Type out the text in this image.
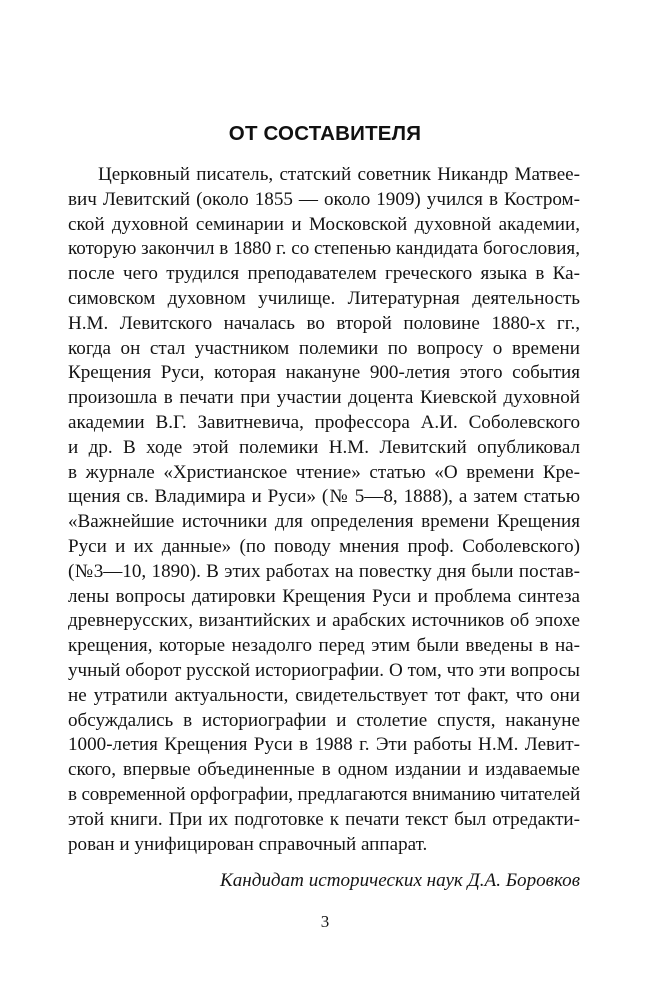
ОТ СОСТАВИТЕЛЯ
Церковный писатель, статский советник Никандр Матвее-
вич Левитский (около 1855 — около 1909) учился в Костром-
ской духовной семинарии и Московской духовной академии,
которую закончил в 1880 г. со степенью кандидата богословия,
после чего трудился преподавателем греческого языка в Ка-
симовском духовном училище. Литературная деятельность
Н.М. Левитского началась во второй половине 1880-х гг.,
когда он стал участником полемики по вопросу о времени
Крещения Руси, которая накануне 900-летия этого события
произошла в печати при участии доцента Киевской духовной
академии В.Г. Завитневича, профессора А.И. Соболевского
и др. В ходе этой полемики Н.М. Левитский опубликовал
в журнале «Христианское чтение» статью «О времени Кре-
щения св. Владимира и Руси» (№ 5—8, 1888), а затем статью
«Важнейшие источники для определения времени Крещения
Руси и их данные» (по поводу мнения проф. Соболевского)
(№3—10, 1890). В этих работах на повестку дня были постав-
лены вопросы датировки Крещения Руси и проблема синтеза
древнерусских, византийских и арабских источников об эпохе
крещения, которые незадолго перед этим были введены в на-
учный оборот русской историографии. О том, что эти вопросы
не утратили актуальности, свидетельствует тот факт, что они
обсуждались в историографии и столетие спустя, накануне
1000-летия Крещения Руси в 1988 г. Эти работы Н.М. Левит-
ского, впервые объединенные в одном издании и издаваемые
в современной орфографии, предлагаются вниманию читателей
этой книги. При их подготовке к печати текст был отредакти-
рован и унифицирован справочный аппарат.
Кандидат исторических наук Д.А. Боровков
3
